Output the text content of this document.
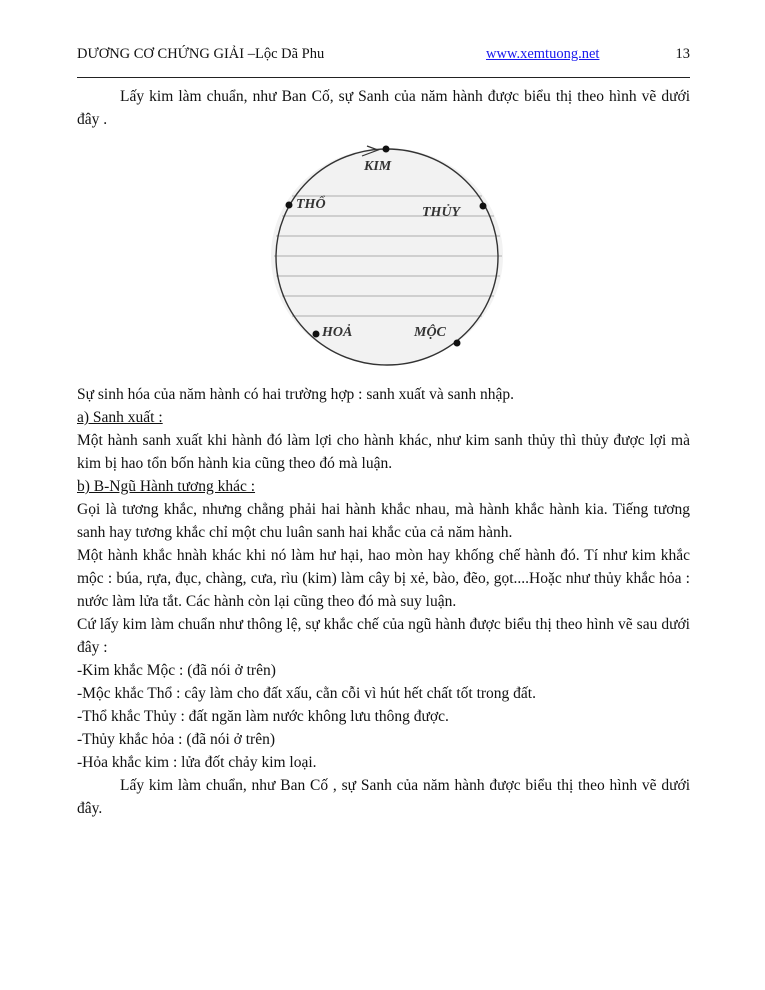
DƯƠNG CƠ CHỨNG GIẢI –Lộc Dã Phu	www.xemtuong.net	13

Lấy kim làm chuẩn, như Ban Cố, sự Sanh của năm hành được biểu thị theo hình vẽ dưới đây .

KIM
THỦY
MỘC
HOẢ
THỔ

Sự sinh hóa của năm hành có hai trường hợp : sanh xuất và sanh nhập.

a) Sanh xuất :

Một hành sanh xuất khi hành đó làm lợi cho hành khác, như kim sanh thủy thì thủy được lợi mà kim bị hao tổn bốn hành kia cũng theo đó mà luận.

b) B-Ngũ Hành tương khác :

Gọi là tương khắc, nhưng chẳng phải hai hành khắc nhau, mà hành khắc hành kia. Tiếng tương sanh hay tương khắc chỉ một chu luân sanh hai khắc của cả năm hành.

Một hành khắc hnàh khác khi nó làm hư hại, hao mòn hay khống chế hành đó. Tí như kim khắc mộc : búa, rựa, đục, chàng, cưa, rìu (kim) làm cây bị xẻ, bào, đẽo, gọt....Hoặc như thủy khắc hỏa : nước làm lửa tắt. Các hành còn lại cũng theo đó mà suy luận.

Cứ lấy kim làm chuẩn như thông lệ, sự khắc chế của ngũ hành được biểu thị theo hình vẽ sau dưới đây :

-Kim khắc Mộc : (đã nói ở trên)

-Mộc khắc Thổ : cây làm cho đất xấu, cằn cỗi vì hút hết chất tốt trong đất.

-Thổ khắc Thủy : đất ngăn làm nước không lưu thông được.

-Thủy khắc hỏa : (đã nói ở trên)

-Hỏa khắc kim : lửa đốt chảy kim loại.

Lấy kim làm chuẩn, như Ban Cố , sự Sanh của năm hành được biểu thị theo hình vẽ dưới đây.
